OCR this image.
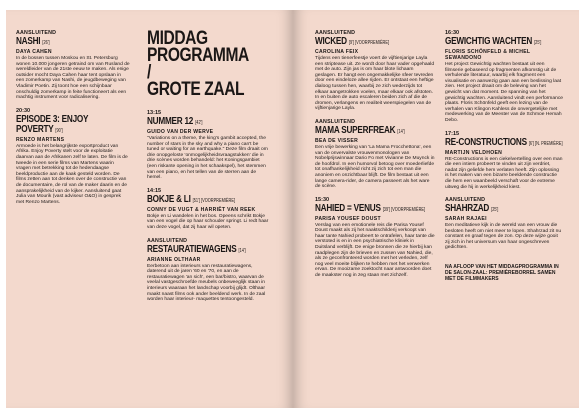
AANSLUITEND

NASHI [26']

DAYA CAHEN

In de bossen tussen Moskou en St. Petersburg wonen 10.000 jongeren getraind om van Rusland de wereldleider van de 21ste eeuw te maken. Als enige outsider mocht Daya Cahen haar tent opslaan in een zomerkamp van Nashi, de jeugdbeweging van Vladimir Poetin. Zij toont hoe een schijnbaar onschuldig zomerkamp in feite functioneert als een machtig instrument voor radicalisering.

20:30

EPISODE 3: ENJOY POVERTY [90']

RENZO MARTENS

Armoede is het belangrijkste exportproduct van Afrika. Enjoy Poverty stelt voor de exploitatie daarvan aan de Afrikanen zelf te laten. De film is de tweede in een serie films van Martens waarin vragen met betrekking tot de hedendaagse beeldproductie aan de kaak gesteld worden. De films zetten aan tot denken over de constructie van de documentaire, de rol van de maker daarin en de aansprakelijkheid van de kijker. Aansluitend gaat Julia van Mourik (vast adviseur O&O) in gesprek met Renzo Martens.

MIDDAG
PROGRAMMA /
GROTE ZAAL

13:15

NUMMER 12 [42']

GUIDO VAN DER WERVE

"Variations on a theme, the king's gambit accepted, the number of stars in the sky and why a piano can't be tuned or waiting for an earthquake." Deze film draait om drie onopgeloste 'onmogelijkheidsvraagstukken' die in drie scènes worden behandeld: het Koningsgambiet (een riskante opening in het schaakspel), het stemmen van een piano, en het tellen van de sterren aan de hemel.

14:15

BOKJE & LI [51'] [VOORPREMIÈRE]

CONNY DE VUGT & HARRIËT VAN REEK

Bokje en Li wandelen in het bos. Opeens schrikt Bokje van een vogel die op haar schouder springt. Li redt haar van deze vogel, dat zij haar wil opeten.

AANSLUITEND

RESTAURATIEWAGENS [14']

ARIANNE OLTHAAR

Eerbetoon aan interieurs van restauratiewagens, daterend uit de jaren '60 en '70, en aan de restauratiewagen 'an sich', een bar/bistro, waarvan de veelal vastgeschroefde meubels onbeweeglijk staan in interieurs waaraan het landschap voorbij glijdt. Olthaar maakt naast films ook ander beeldend werk. In de zaal worden haar interieur- maquettes tentoongesteld.

AANSLUITEND

WICKED [9'] [VOORPREMIÈRE]

CAROLINA FEIX

Tijdens een tienerfeestje voert de vijftienjarige Layla een striptease uit. Ze wordt door haar vader opgehaald met de auto. Zijn jas is om haar blote lichaam geslagen. Er hangt een ongemakkelijke sfeer tevreden door een eindeloze allee rijden. Er ontstaat een heftige dialoog tussen hen, waarbij ze zich wederzijds tot elkaar aangetrokken voelen, maar elkaar ook afstoten. In en buiten de auto escaleren beiden zich af die de dromen, verlangens en realiteit weerspiegelen van de vijftienjarige Layla.

AANSLUITEND

MAMA SUPERFREAK [14']

BEA DE VISSER

Een vrije bewerking van 'La Mama Frocchettona', een van de onvervalste vrouwenmonologen van Nobelprijswinnaar Dario Fo met Vivianne De Muynck in de hoofdrol. In een humorvol betoog over moederliefde tot onafhankelijkheid richt zij zich tot een man die anoniem en onzichtbaar blijft. De film bestaat uit een lange camera-rider, de camera passeert als het ware de scène.

15:30

NAHIED = VENUS [39'] [VOORPREMIÈRE]

PARISA YOUSEF DOUST

Verslag van een emotionele reis die Parisa Yousef Doust maakt als zij het naaktschilderij verkoopt van haar tante Nahied probeert te ontrafelen, haar tante die verstoted is en in een psychiatrische kliniek in Duitsland verblijft. De enige bronnen die ze hierbij kan raadplegen zijn de brieven en zussen van Nahied, die, als ze geconfronteerd worden met het verleden, zelf nog veel moeite blijken te hebben met het verwerken ervan. De mooizame zoektocht naar antwoorden doet de maakster nog in zeg staan met zichzelf.

16:30

GEWICHTIG WACHTEN [25']

FLORIS SCHÖNFELD & MICHEL SEWANDONO

Het project Gewichtig wachten bestaat uit een filmserie gebaseerd op fragmenten afkomstig uit de verhulende literatuur, waarbij elk fragment een visualisatie en aanwezig gaan aan een beslissing laat zien. Het project draait om de beleving van het gewicht van dat moment. De spanning van het gewichtig wachten. Aansluitend vindt een performance plaats. Floris Schönfeld geeft een lezing van de verhalen van Klingon Kahless de onvergetelijke met medewerking van de Meester van de Schmoe Hemah Debo.

17:15

RE-CONSTRUCTIONS [6'] [N. PREMIÈRE]

MARTIJN VELDHOEN

RE-Constructions is een ciekelvertelling over een man die een intiem probeert te vinden uit zijn verdriet, nadat zijn geliefde hem verlaten heeft. Zijn oplossing is het maken van een bizarre beeldende constructie die hem een waanbeeld verschaft voor de extreme uitweg die hij in werkelijkheid kiest.

AANSLUITEND

SHAHRZAD [25']

SARAH RAJAEI

Een meditatieve kijk in de wereld van een vrouw die besloten heeft om niet meer te lopen. Shahrzad zit nu constant en graaf tegen de zon. Op deze wijze gooit zij zich in het universum van haar ongeschreven gedichten.

NA AFLOOP VAN HET MIDDAGPROGRAMMA IN DE SALON-ZAAL: PREMIÈREBORREL SAMEN MET DE FILMMAKERS
